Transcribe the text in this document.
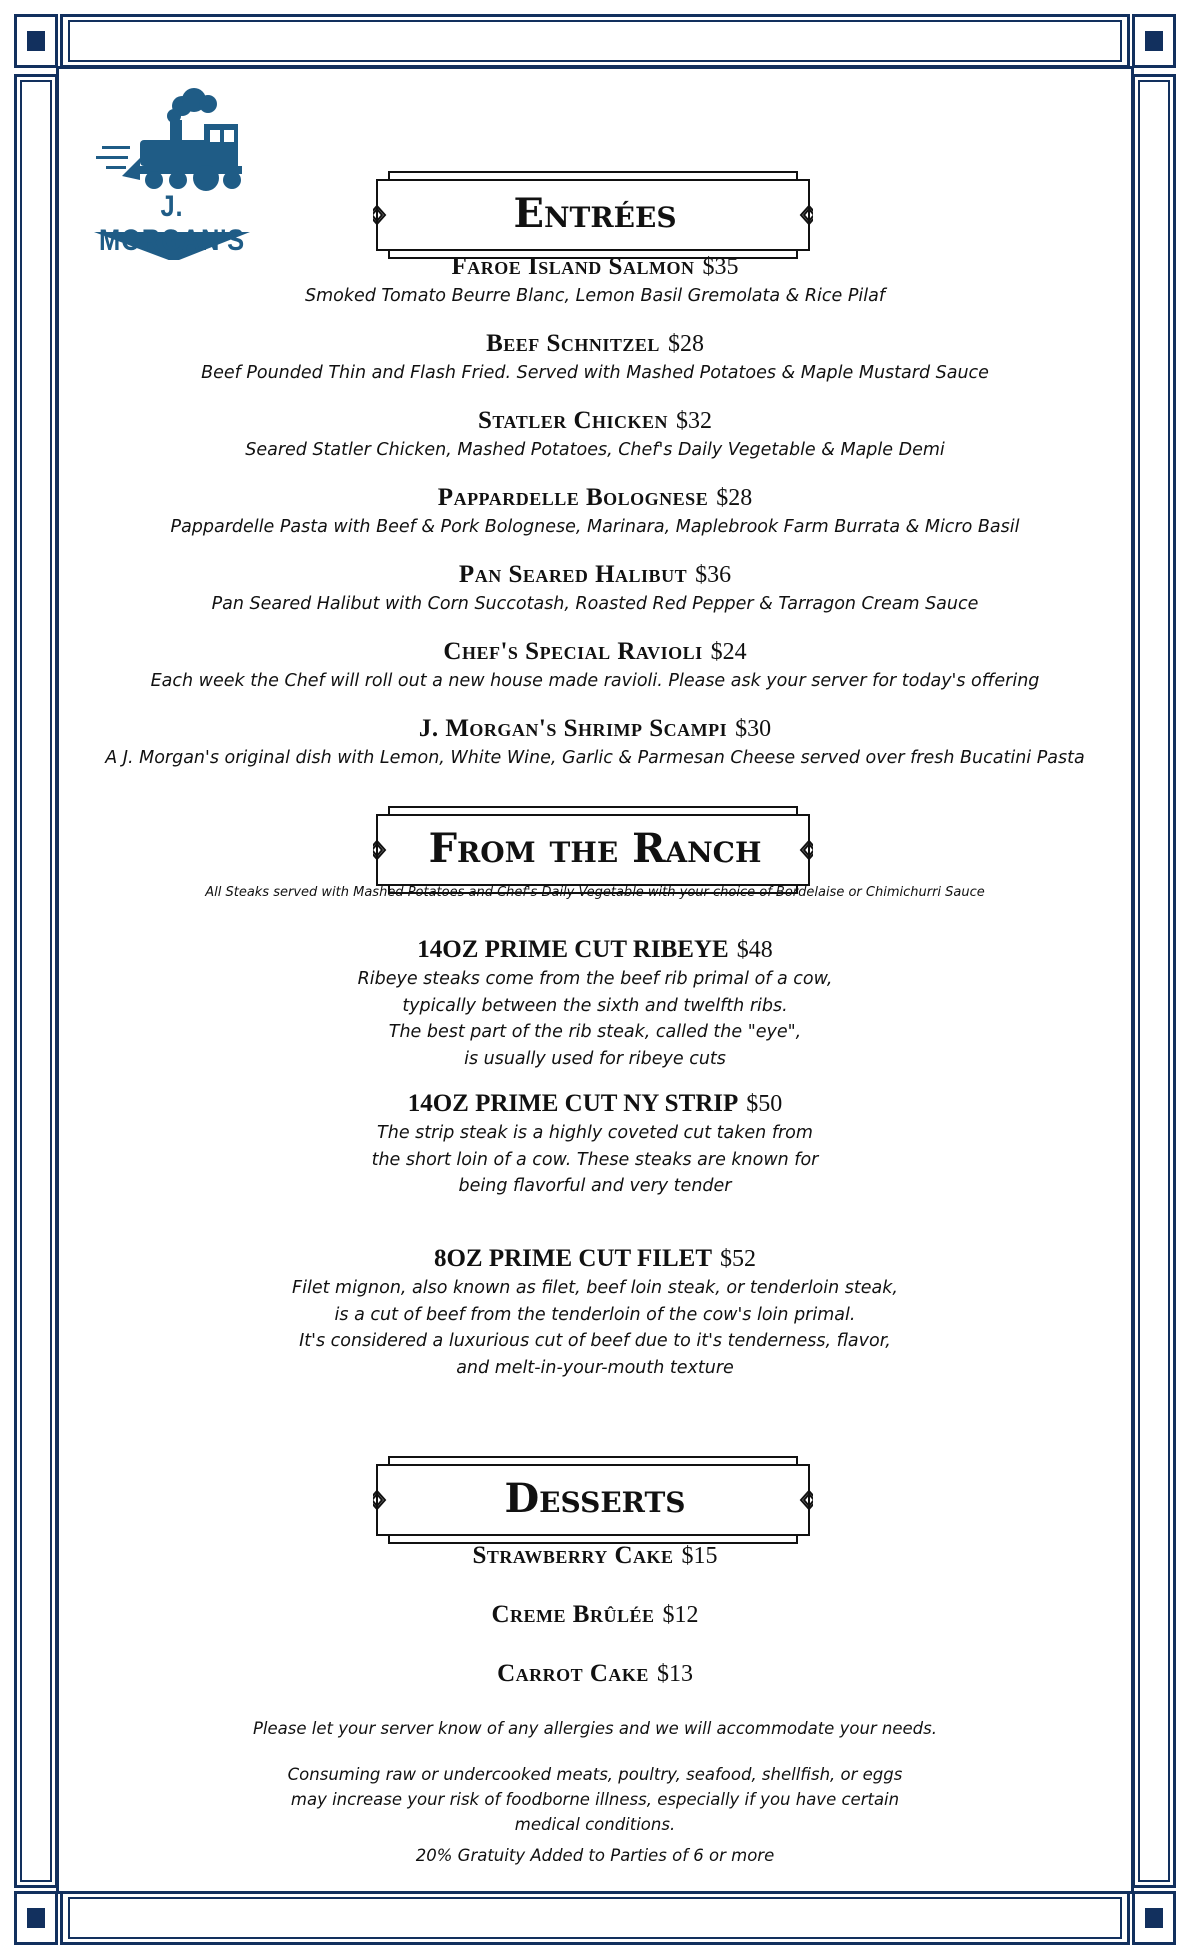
J. MORGAN'S
Entrées
Faroe Island Salmon $35
Smoked Tomato Beurre Blanc, Lemon Basil Gremolata & Rice Pilaf
Beef Schnitzel $28
Beef Pounded Thin and Flash Fried. Served with Mashed Potatoes & Maple Mustard Sauce
Statler Chicken $32
Seared Statler Chicken, Mashed Potatoes, Chef's Daily Vegetable & Maple Demi
Pappardelle Bolognese $28
Pappardelle Pasta with Beef & Pork Bolognese, Marinara, Maplebrook Farm Burrata & Micro Basil
Pan Seared Halibut $36
Pan Seared Halibut with Corn Succotash, Roasted Red Pepper & Tarragon Cream Sauce
Chef's Special Ravioli $24
Each week the Chef will roll out a new house made ravioli. Please ask your server for today's offering
J. Morgan's Shrimp Scampi $30
A J. Morgan's original dish with Lemon, White Wine, Garlic & Parmesan Cheese served over fresh Bucatini Pasta
From the Ranch
All Steaks served with Mashed Potatoes and Chef's Daily Vegetable with your choice of Bordelaise or Chimichurri Sauce
14OZ PRIME CUT RIBEYE $48
Ribeye steaks come from the beef rib primal of a cow,
typically between the sixth and twelfth ribs.
The best part of the rib steak, called the "eye",
is usually used for ribeye cuts
14OZ PRIME CUT NY STRIP $50
The strip steak is a highly coveted cut taken from
the short loin of a cow. These steaks are known for
being flavorful and very tender
8OZ PRIME CUT FILET $52
Filet mignon, also known as filet, beef loin steak, or tenderloin steak,
is a cut of beef from the tenderloin of the cow's loin primal.
It's considered a luxurious cut of beef due to it's tenderness, flavor,
and melt-in-your-mouth texture
Desserts
Strawberry Cake $15
Creme Brûlée $12
Carrot Cake $13
Please let your server know of any allergies and we will accommodate your needs.
Consuming raw or undercooked meats, poultry, seafood, shellfish, or eggs
may increase your risk of foodborne illness, especially if you have certain
medical conditions.
20% Gratuity Added to Parties of 6 or more
